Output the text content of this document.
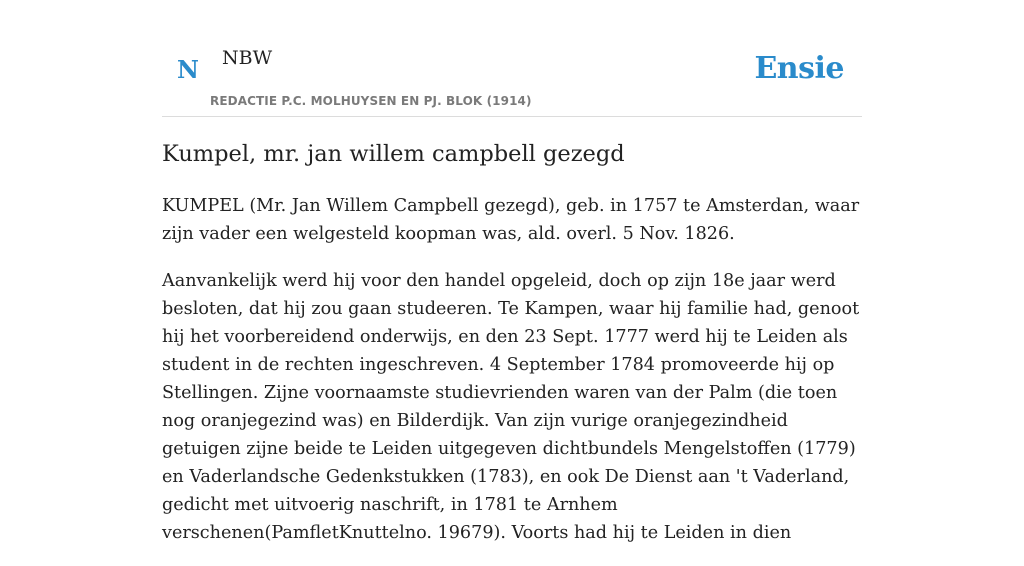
N NBW
REDACTIE P.C. MOLHUYSEN EN PJ. BLOK (1914)
Ensie
Kumpel, mr. jan willem campbell gezegd

KUMPEL (Mr. Jan Willem Campbell gezegd), geb. in 1757 te Amsterdan, waar zijn vader een welgesteld koopman was, ald. overl. 5 Nov. 1826.

Aanvankelijk werd hij voor den handel opgeleid, doch op zijn 18e jaar werd besloten, dat hij zou gaan studeeren. Te Kampen, waar hij familie had, genoot hij het voorbereidend onderwijs, en den 23 Sept. 1777 werd hij te Leiden als student in de rechten ingeschreven. 4 September 1784 promoveerde hij op Stellingen. Zijne voornaamste studievrienden waren van der Palm (die toen nog oranjegezind was) en Bilderdijk. Van zijn vurige oranjegezindheid getuigen zijne beide te Leiden uitgegeven dichtbundels Mengelstoffen (1779) en Vaderlandsche Gedenkstukken (1783), en ook De Dienst aan 't Vaderland, gedicht met uitvoerig naschrift, in 1781 te Arnhem verschenen(PamfletKnuttelno. 19679). Voorts had hij te Leiden in dien
